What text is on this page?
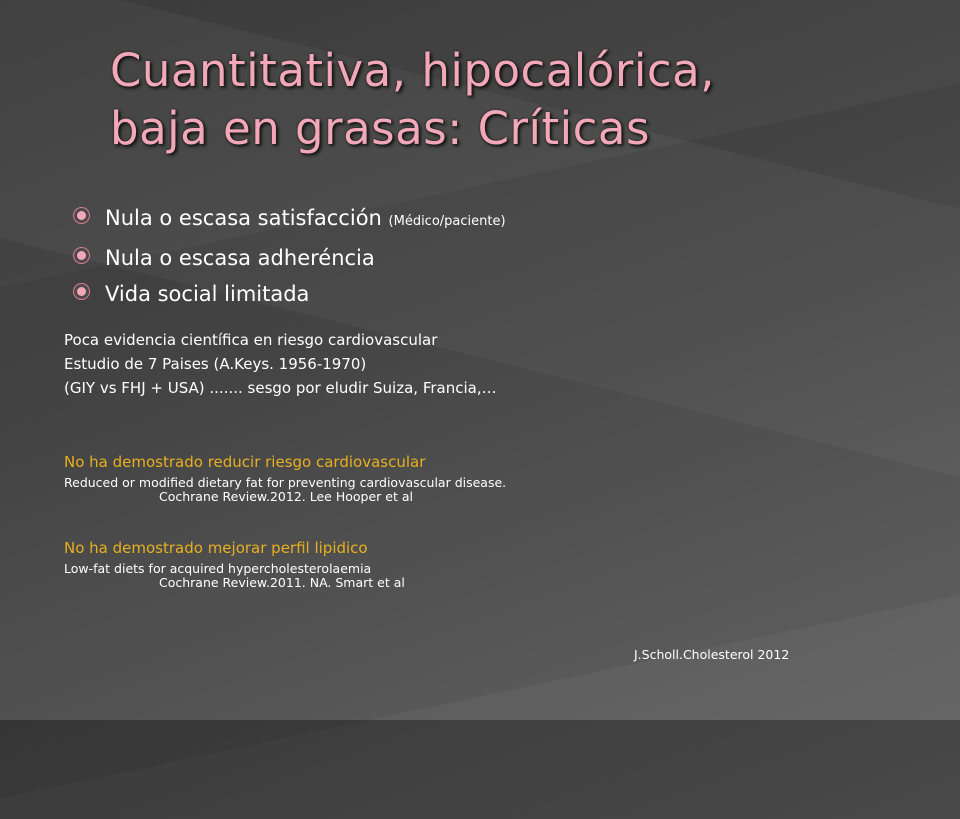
Cuantitativa, hipocalórica,
baja en grasas: Críticas
Nula o escasa satisfacción (Médico/paciente)
Nula o escasa adheréncia
Vida social limitada
Poca evidencia científica en riesgo cardiovascular
Estudio de 7 Paises (A.Keys. 1956-1970)
(GIY vs FHJ + USA) ....... sesgo por eludir Suiza, Francia,…
No ha demostrado reducir riesgo cardiovascular
Reduced or modified dietary fat for preventing cardiovascular disease.
Cochrane Review.2012. Lee Hooper et al
No ha demostrado mejorar perfil lipidico
Low-fat diets for acquired hypercholesterolaemia
Cochrane Review.2011. NA. Smart et al
J.Scholl.Cholesterol 2012
